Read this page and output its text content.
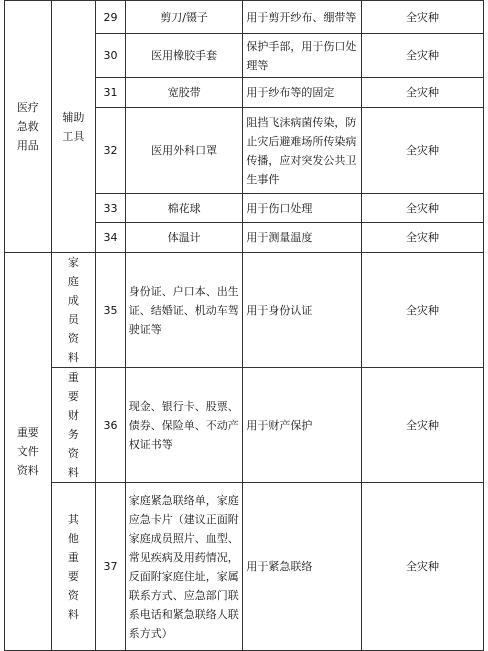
医疗急救用品	辅助工具	29	剪刀/镊子	用于剪开纱布、绷带等	全灾种
		30	医用橡胶手套	保护手部，用于伤口处理等	全灾种
		31	宽胶带	用于纱布等的固定	全灾种
		32	医用外科口罩	阻挡飞沫病菌传染，防止灾后避难场所传染病传播，应对突发公共卫生事件	全灾种
		33	棉花球	用于伤口处理	全灾种
		34	体温计	用于测量温度	全灾种

重要文件资料	家庭成员资料	35	身份证、户口本、出生证、结婚证、机动车驾驶证等	用于身份认证	全灾种

	重要财务资料	36	现金、银行卡、股票、债券、保险单、不动产权证书等	用于财产保护	全灾种

	其他重要资料	37	家庭紧急联络单，家庭应急卡片（建议正面附家庭成员照片、血型、常见疾病及用药情况，反面附家庭住址，家属联系方式、应急部门联系电话和紧急联络人联系方式）	用于紧急联络	全灾种
